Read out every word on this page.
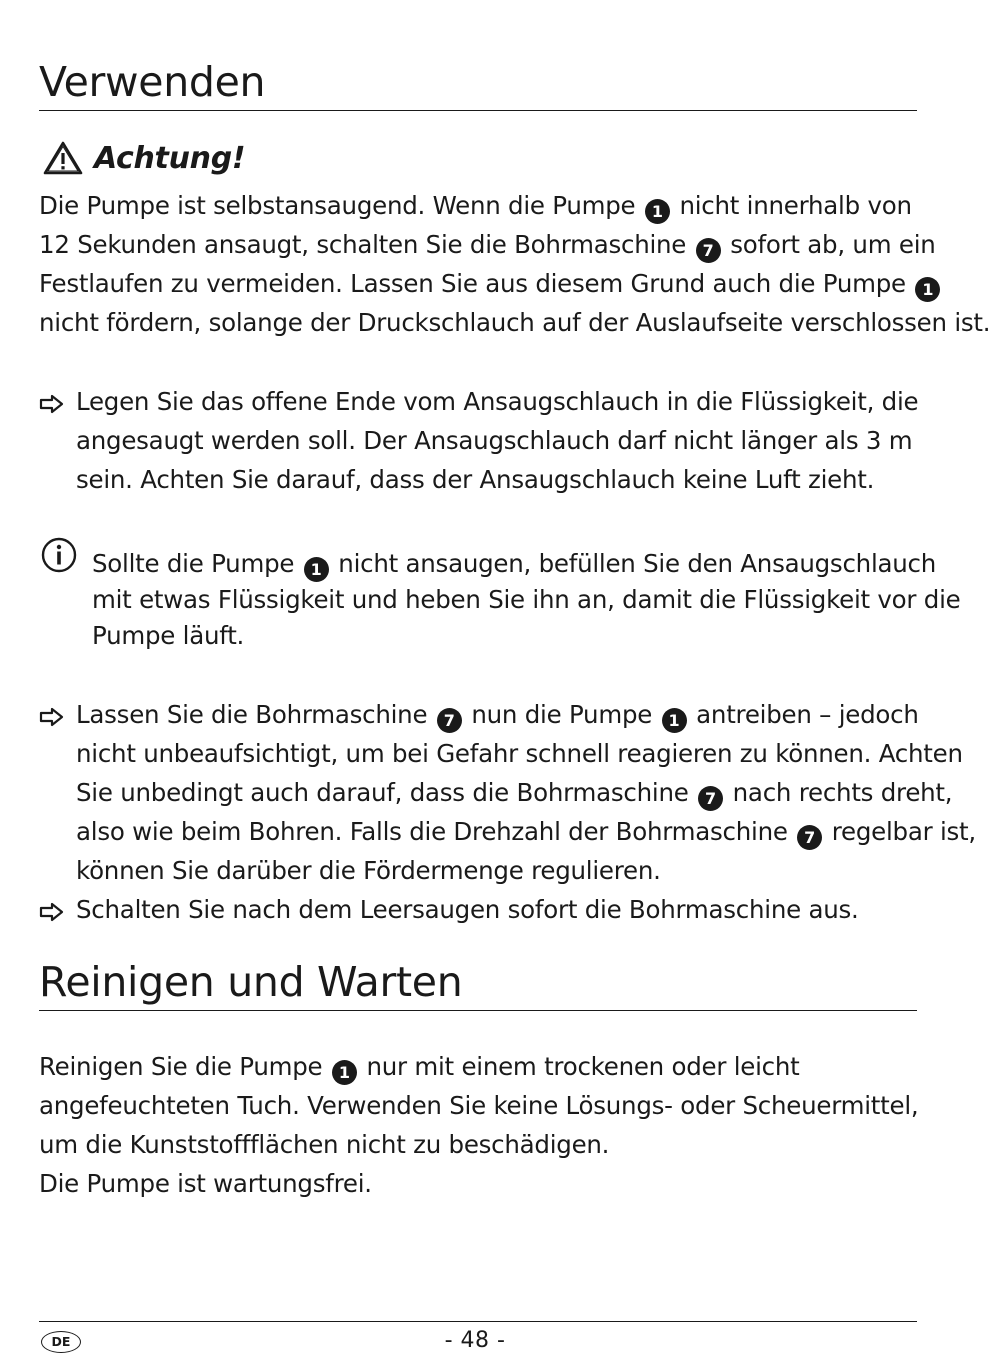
Verwenden
Achtung!
Die Pumpe ist selbstansaugend. Wenn die Pumpe 1 nicht innerhalb von
12 Sekunden ansaugt, schalten Sie die Bohrmaschine 7 sofort ab, um ein
Festlaufen zu vermeiden. Lassen Sie aus diesem Grund auch die Pumpe 1
nicht fördern, solange der Druckschlauch auf der Auslaufseite verschlossen ist.
Legen Sie das offene Ende vom Ansaugschlauch in die Flüssigkeit, die
angesaugt werden soll. Der Ansaugschlauch darf nicht länger als 3 m
sein. Achten Sie darauf, dass der Ansaugschlauch keine Luft zieht.
Sollte die Pumpe 1 nicht ansaugen, befüllen Sie den Ansaugschlauch
mit etwas Flüssigkeit und heben Sie ihn an, damit die Flüssigkeit vor die
Pumpe läuft.
Lassen Sie die Bohrmaschine 7 nun die Pumpe 1 antreiben – jedoch
nicht unbeaufsichtigt, um bei Gefahr schnell reagieren zu können. Achten
Sie unbedingt auch darauf, dass die Bohrmaschine 7 nach rechts dreht,
also wie beim Bohren. Falls die Drehzahl der Bohrmaschine 7 regelbar ist,
können Sie darüber die Fördermenge regulieren.
Schalten Sie nach dem Leersaugen sofort die Bohrmaschine aus.
Reinigen und Warten
Reinigen Sie die Pumpe 1 nur mit einem trockenen oder leicht
angefeuchteten Tuch. Verwenden Sie keine Lösungs- oder Scheuermittel,
um die Kunststoffflächen nicht zu beschädigen.
Die Pumpe ist wartungsfrei.
DE	- 48 -
